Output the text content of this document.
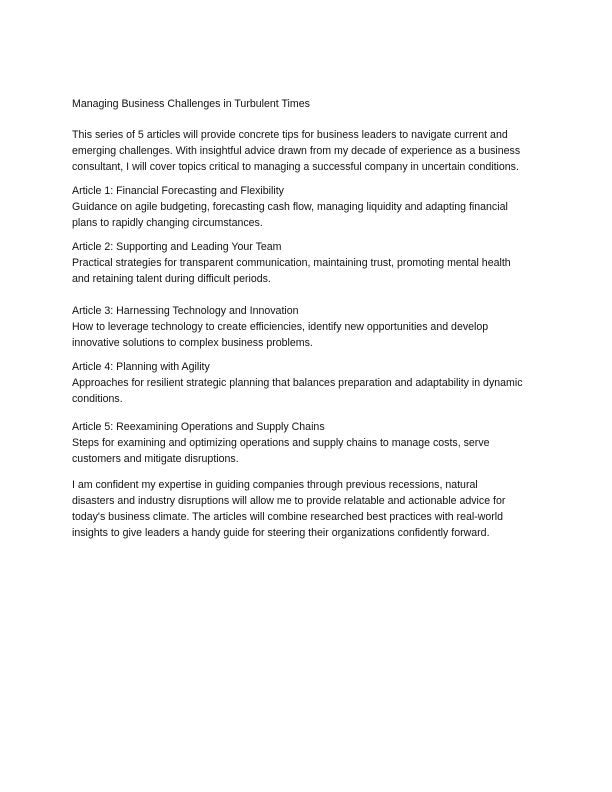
Managing Business Challenges in Turbulent Times
This series of 5 articles will provide concrete tips for business leaders to navigate current and
emerging challenges. With insightful advice drawn from my decade of experience as a business
consultant, I will cover topics critical to managing a successful company in uncertain conditions.
Article 1: Financial Forecasting and Flexibility
Guidance on agile budgeting, forecasting cash flow, managing liquidity and adapting financial
plans to rapidly changing circumstances.
Article 2: Supporting and Leading Your Team
Practical strategies for transparent communication, maintaining trust, promoting mental health
and retaining talent during difficult periods.
Article 3: Harnessing Technology and Innovation
How to leverage technology to create efficiencies, identify new opportunities and develop
innovative solutions to complex business problems.
Article 4: Planning with Agility
Approaches for resilient strategic planning that balances preparation and adaptability in dynamic
conditions.
Article 5: Reexamining Operations and Supply Chains
Steps for examining and optimizing operations and supply chains to manage costs, serve
customers and mitigate disruptions.
I am confident my expertise in guiding companies through previous recessions, natural
disasters and industry disruptions will allow me to provide relatable and actionable advice for
today's business climate. The articles will combine researched best practices with real-world
insights to give leaders a handy guide for steering their organizations confidently forward.
